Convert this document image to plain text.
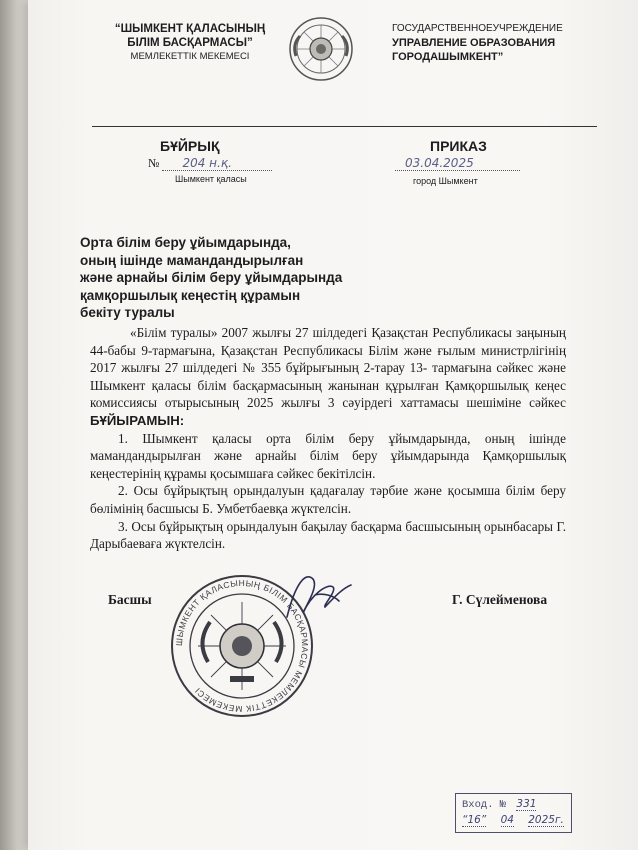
“ШЫМКЕНТ ҚАЛАСЫНЫҢ
БІЛІМ БАСҚАРМАСЫ”
МЕМЛЕКЕТТІК МЕКЕМЕСІ
ГОСУДАРСТВЕННОЕУЧРЕЖДЕНИЕ
УПРАВЛЕНИЕ ОБРАЗОВАНИЯ
ГОРОДАШЫМКЕНТ”
БҰЙРЫҚ	ПРИКАЗ
№ 204 н.қ.	03.04.2025
Шымкент қаласы	город Шымкент
Орта білім беру ұйымдарында,
оның ішінде мамандандырылған
және арнайы білім беру ұйымдарында
қамқоршылық кеңестің құрамын
бекіту туралы

«Білім туралы» 2007 жылғы 27 шілдедегі Қазақстан Республикасы заңының 44-бабы 9-тармағына, Қазақстан Республикасы Білім және ғылым министрлігінің 2017 жылғы 27 шілдедегі № 355 бұйрығының 2-тарау 13- тармағына сәйкес және Шымкент қаласы білім басқармасының жанынан құрылған Қамқоршылық кеңес комиссиясы отырысының 2025 жылғы 3 сәуірдегі хаттамасы шешіміне сәйкес БҰЙЫРАМЫН:

1. Шымкент қаласы орта білім беру ұйымдарында, оның ішінде мамандандырылған және арнайы білім беру ұйымдарында Қамқоршылық кеңестерінің құрамы қосымшаға сәйкес бекітілсін.

2. Осы бұйрықтың орындалуын қадағалау тәрбие және қосымша білім беру бөлімінің басшысы Б. Умбетбаевқа жүктелсін.

3. Осы бұйрықтың орындалуын бақылау басқарма басшысының орынбасары Г. Дарыбаеваға жүктелсін.

ШЫМКЕНТ ҚАЛАСЫНЫҢ БІЛІМ БАСҚАРМАСЫ МЕМЛЕКЕТТІК МЕКЕМЕСІ
Басшы	Г. Сүлейменова
Вход. № 331
“16” 04 2025г.
